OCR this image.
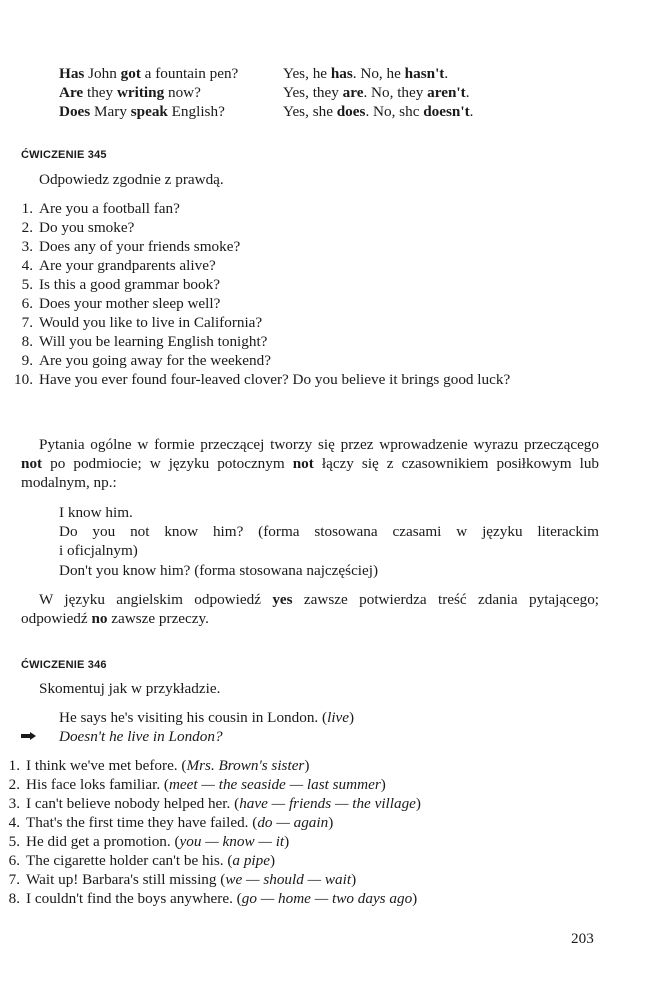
Has John got a fountain pen?	Yes, he has. No, he hasn't.
Are they writing now?	Yes, they are. No, they aren't.
Does Mary speak English?	Yes, she does. No, shc doesn't.
ĆWICZENIE 345
Odpowiedz zgodnie z prawdą.
1. Are you a football fan?
2. Do you smoke?
3. Does any of your friends smoke?
4. Are your grandparents alive?
5. Is this a good grammar book?
6. Does your mother sleep well?
7. Would you like to live in California?
8. Will you be learning English tonight?
9. Are you going away for the weekend?
10. Have you ever found four-leaved clover? Do you believe it brings good luck?
Pytania ogólne w formie przeczącej tworzy się przez wprowadzenie wyrazu przeczącego not po podmiocie; w języku potocznym not łączy się z czasownikiem posiłkowym lub modalnym, np.:
I know him.
Do you not know him? (forma stosowana czasami w języku literackim
i oficjalnym)
Don't you know him? (forma stosowana najczęściej)
W języku angielskim odpowiedź yes zawsze potwierdza treść zdania pytającego; odpowiedź no zawsze przeczy.
ĆWICZENIE 346
Skomentuj jak w przykładzie.
He says he's visiting his cousin in London. (live)
Doesn't he live in London?
1. I think we've met before. (Mrs. Brown's sister)
2. His face loks familiar. (meet — the seaside — last summer)
3. I can't believe nobody helped her. (have — friends — the village)
4. That's the first time they have failed. (do — again)
5. He did get a promotion. (you — know — it)
6. The cigarette holder can't be his. (a pipe)
7. Wait up! Barbara's still missing (we — should — wait)
8. I couldn't find the boys anywhere. (go — home — two days ago)
203
